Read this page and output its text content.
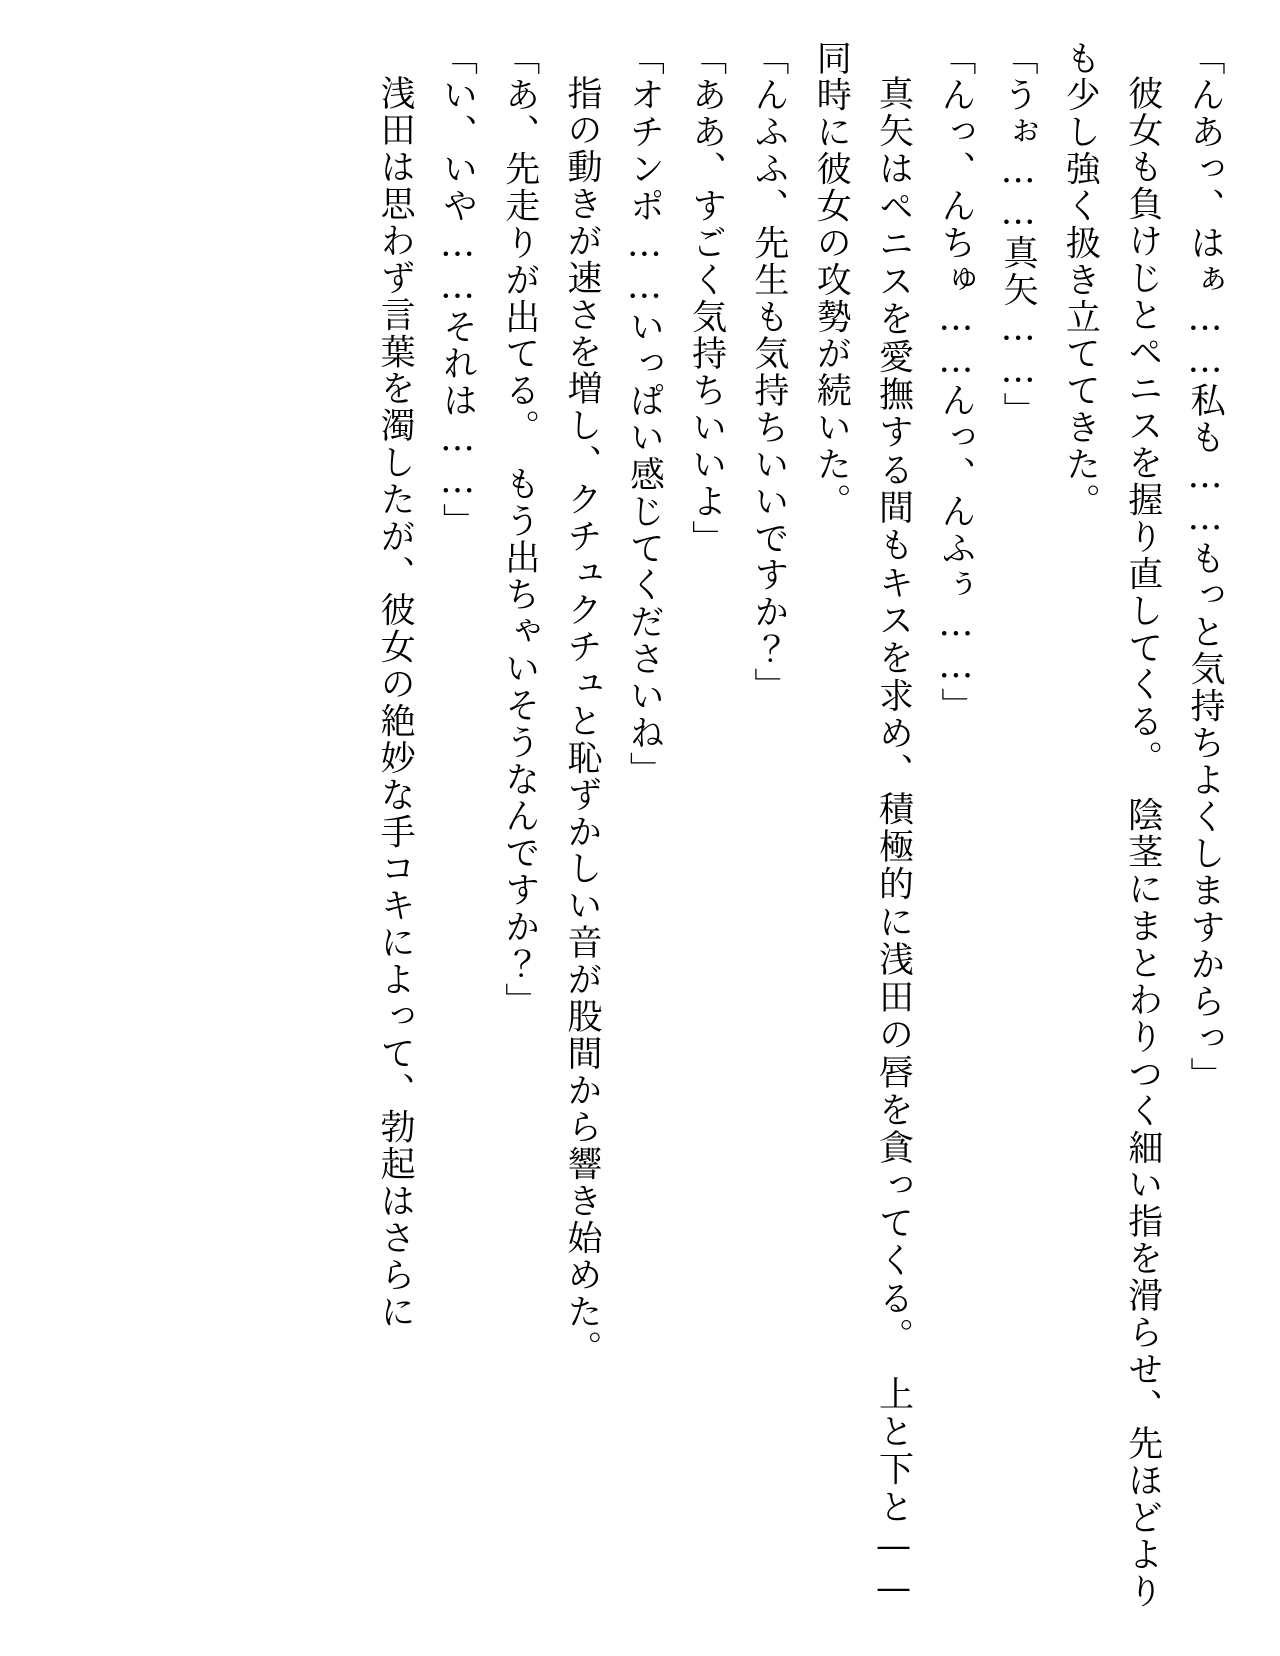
「んあっ、はぁ……私も……もっと気持ちよくしますからっ」

彼女も負けじとペニスを握り直してくる。　陰茎にまとわりつく細い指を滑らせ、先ほどよりも少し強く扱き立ててきた。

「うぉ……真矢……」

「んっ、んちゅ……んっ、んふぅ……」

真矢はペニスを愛撫する間もキスを求め、積極的に浅田の唇を貪ってくる。　上と下と——同時に彼女の攻勢が続いた。

「んふふ、先生も気持ちいいですか？」

「ああ、すごく気持ちいいよ」

「オチンポ……いっぱい感じてくださいね」

指の動きが速さを増し、クチュクチュと恥ずかしい音が股間から響き始めた。

「あ、先走りが出てる。　もう出ちゃいそうなんですか？」

「い、いや……それは……」

浅田は思わず言葉を濁したが、彼女の絶妙な手コキによって、勃起はさらに
